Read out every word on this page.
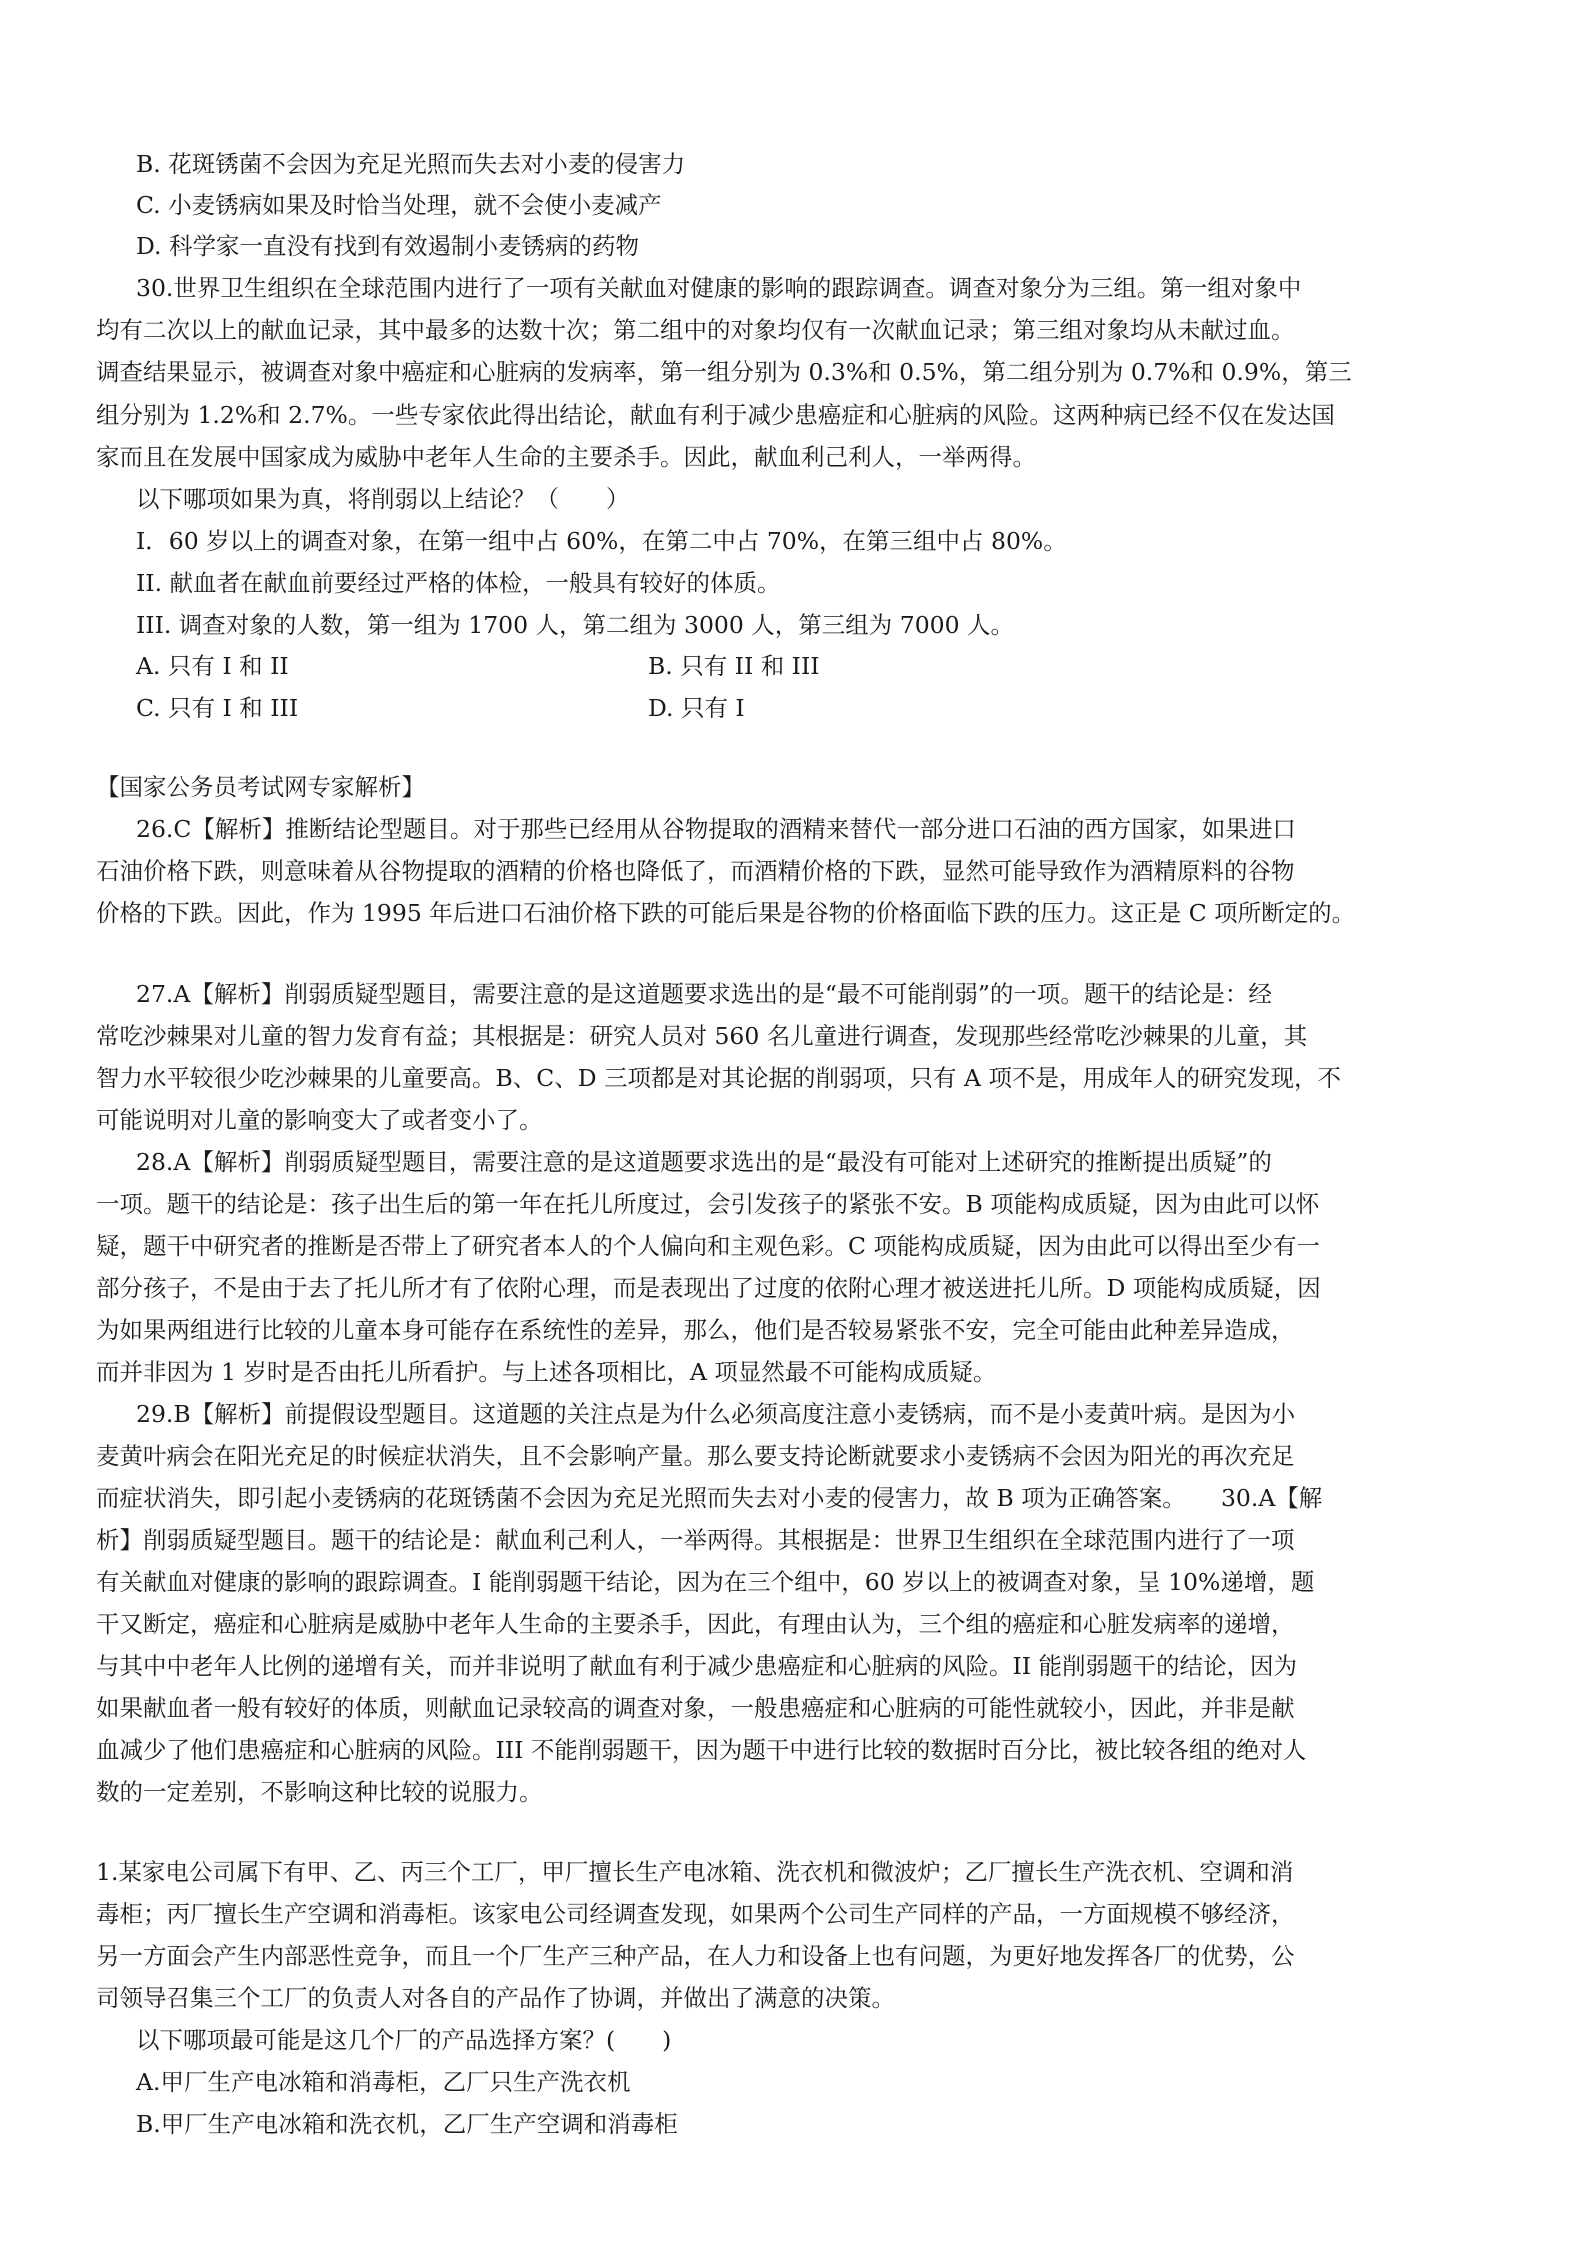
B. 花斑锈菌不会因为充足光照而失去对小麦的侵害力
C. 小麦锈病如果及时恰当处理，就不会使小麦减产
D. 科学家一直没有找到有效遏制小麦锈病的药物
30.世界卫生组织在全球范围内进行了一项有关献血对健康的影响的跟踪调查。调查对象分为三组。第一组对象中
均有二次以上的献血记录，其中最多的达数十次；第二组中的对象均仅有一次献血记录；第三组对象均从未献过血。
调查结果显示，被调查对象中癌症和心脏病的发病率，第一组分别为 0.3%和 0.5%，第二组分别为 0.7%和 0.9%，第三
组分别为 1.2%和 2.7%。一些专家依此得出结论，献血有利于减少患癌症和心脏病的风险。这两种病已经不仅在发达国
家而且在发展中国家成为威胁中老年人生命的主要杀手。因此，献血利己利人，一举两得。
以下哪项如果为真，将削弱以上结论？（　　）
I．60 岁以上的调查对象，在第一组中占 60%，在第二中占 70%，在第三组中占 80%。
II. 献血者在献血前要经过严格的体检，一般具有较好的体质。
III. 调查对象的人数，第一组为 1700 人，第二组为 3000 人，第三组为 7000 人。
A. 只有 I 和 II	B. 只有 II 和 III
C. 只有 I 和 III	D. 只有 I
【国家公务员考试网专家解析】
26.C【解析】推断结论型题目。对于那些已经用从谷物提取的酒精来替代一部分进口石油的西方国家，如果进口
石油价格下跌，则意味着从谷物提取的酒精的价格也降低了，而酒精价格的下跌，显然可能导致作为酒精原料的谷物
价格的下跌。因此，作为 1995 年后进口石油价格下跌的可能后果是谷物的价格面临下跌的压力。这正是 C 项所断定的。
27.A【解析】削弱质疑型题目，需要注意的是这道题要求选出的是“最不可能削弱”的一项。题干的结论是：经
常吃沙棘果对儿童的智力发育有益；其根据是：研究人员对 560 名儿童进行调查，发现那些经常吃沙棘果的儿童，其
智力水平较很少吃沙棘果的儿童要高。B、C、D 三项都是对其论据的削弱项，只有 A 项不是，用成年人的研究发现，不
可能说明对儿童的影响变大了或者变小了。
28.A【解析】削弱质疑型题目，需要注意的是这道题要求选出的是“最没有可能对上述研究的推断提出质疑”的
一项。题干的结论是：孩子出生后的第一年在托儿所度过，会引发孩子的紧张不安。B 项能构成质疑，因为由此可以怀
疑，题干中研究者的推断是否带上了研究者本人的个人偏向和主观色彩。C 项能构成质疑，因为由此可以得出至少有一
部分孩子，不是由于去了托儿所才有了依附心理，而是表现出了过度的依附心理才被送进托儿所。D 项能构成质疑，因
为如果两组进行比较的儿童本身可能存在系统性的差异，那么，他们是否较易紧张不安，完全可能由此种差异造成，
而并非因为 1 岁时是否由托儿所看护。与上述各项相比，A 项显然最不可能构成质疑。
29.B【解析】前提假设型题目。这道题的关注点是为什么必须高度注意小麦锈病，而不是小麦黄叶病。是因为小
麦黄叶病会在阳光充足的时候症状消失，且不会影响产量。那么要支持论断就要求小麦锈病不会因为阳光的再次充足
而症状消失，即引起小麦锈病的花斑锈菌不会因为充足光照而失去对小麦的侵害力，故 B 项为正确答案。　　30.A【解
析】削弱质疑型题目。题干的结论是：献血利己利人，一举两得。其根据是：世界卫生组织在全球范围内进行了一项
有关献血对健康的影响的跟踪调查。I 能削弱题干结论，因为在三个组中，60 岁以上的被调查对象，呈 10%递增，题
干又断定，癌症和心脏病是威胁中老年人生命的主要杀手，因此，有理由认为，三个组的癌症和心脏发病率的递增，
与其中中老年人比例的递增有关，而并非说明了献血有利于减少患癌症和心脏病的风险。II 能削弱题干的结论，因为
如果献血者一般有较好的体质，则献血记录较高的调查对象，一般患癌症和心脏病的可能性就较小，因此，并非是献
血减少了他们患癌症和心脏病的风险。III 不能削弱题干，因为题干中进行比较的数据时百分比，被比较各组的绝对人
数的一定差别，不影响这种比较的说服力。
1.某家电公司属下有甲、乙、丙三个工厂，甲厂擅长生产电冰箱、洗衣机和微波炉；乙厂擅长生产洗衣机、空调和消
毒柜；丙厂擅长生产空调和消毒柜。该家电公司经调查发现，如果两个公司生产同样的产品，一方面规模不够经济，
另一方面会产生内部恶性竞争，而且一个厂生产三种产品，在人力和设备上也有问题，为更好地发挥各厂的优势，公
司领导召集三个工厂的负责人对各自的产品作了协调，并做出了满意的决策。
以下哪项最可能是这几个厂的产品选择方案？(　　)
A.甲厂生产电冰箱和消毒柜，乙厂只生产洗衣机
B.甲厂生产电冰箱和洗衣机，乙厂生产空调和消毒柜
